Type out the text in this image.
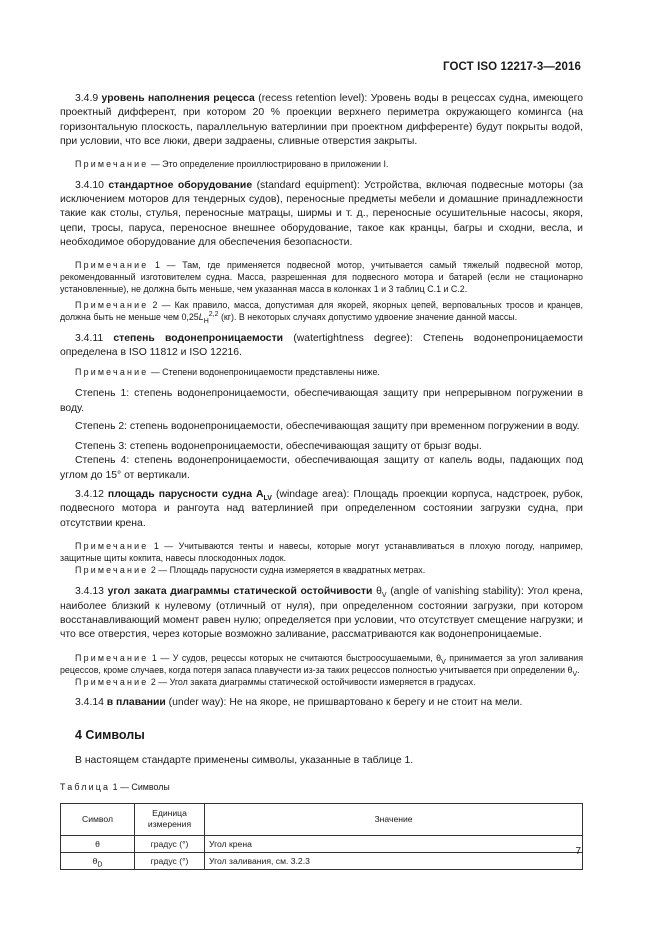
ГОСТ ISO 12217-3—2016

3.4.9 уровень наполнения рецесса (recess retention level): Уровень воды в рецессах судна, имеющего проектный дифферент, при котором 20 % проекции верхнего периметра окружающего комингса (на горизонтальную плоскость, параллельную ватерлинии при проектном дифференте) будут покрыты водой, при условии, что все люки, двери задраены, сливные отверстия закрыты.

Примечание — Это определение проиллюстрировано в приложении I.

3.4.10 стандартное оборудование (standard equipment): Устройства, включая подвесные моторы (за исключением моторов для тендерных судов), переносные предметы мебели и домашние принадлежности такие как столы, стулья, переносные матрацы, ширмы и т. д., переносные осушительные насосы, якоря, цепи, тросы, паруса, переносное внешнее оборудование, такое как кранцы, багры и сходни, весла, и необходимое оборудование для обеспечения безопасности.

Примечание 1 — Там, где применяется подвесной мотор, учитывается самый тяжелый подвесной мотор, рекомендованный изготовителем судна. Масса, разрешенная для подвесного мотора и батарей (если не стационарно установленные), не должна быть меньше, чем указанная масса в колонках 1 и 3 таблиц С.1 и С.2.

Примечание 2 — Как правило, масса, допустимая для якорей, якорных цепей, верповальных тросов и кранцев, должна быть не меньше чем $0,25L_H^{2,2}$ (кг). В некоторых случаях допустимо удвоение значение данной массы.

3.4.11 степень водонепроницаемости (watertightness degree): Степень водонепроницаемости определена в ISO 11812 и ISO 12216.

Примечание — Степени водонепроницаемости представлены ниже.

Степень 1: степень водонепроницаемости, обеспечивающая защиту при непрерывном погружении в воду.

Степень 2: степень водонепроницаемости, обеспечивающая защиту при временном погружении в воду.

Степень 3: степень водонепроницаемости, обеспечивающая защиту от брызг воды.

Степень 4: степень водонепроницаемости, обеспечивающая защиту от капель воды, падающих под углом до 15° от вертикали.

3.4.12 площадь парусности судна $A_{LV}$ (windage area): Площадь проекции корпуса, надстроек, рубок, подвесного мотора и рангоута над ватерлинией при определенном состоянии загрузки судна, при отсутствии крена.

Примечание 1 — Учитываются тенты и навесы, которые могут устанавливаться в плохую погоду, например, защитные щиты кокпита, навесы плоскодонных лодок.

Примечание 2 — Площадь парусности судна измеряется в квадратных метрах.

3.4.13 угол заката диаграммы статической остойчивости $\theta_V$ (angle of vanishing stability): Угол крена, наиболее близкий к нулевому (отличный от нуля), при определенном состоянии загрузки, при котором восстанавливающий момент равен нулю; определяется при условии, что отсутствует смещение нагрузки; и что все отверстия, через которые возможно заливание, рассматриваются как водонепроницаемые.

Примечание 1 — У судов, рецессы которых не считаются быстроосушаемыми, $\theta_V$ принимается за угол заливания рецессов, кроме случаев, когда потеря запаса плавучести из-за таких рецессов полностью учитывается при определении $\theta_V$.

Примечание 2 — Угол заката диаграммы статической остойчивости измеряется в градусах.

3.4.14 в плавании (under way): Не на якоре, не пришвартовано к берегу и не стоит на мели.

4 Символы

В настоящем стандарте применены символы, указанные в таблице 1.

Таблица 1 — Символы
Символ	Единица измерения	Значение
θ	градус (°)	Угол крена
$\theta_D$	градус (°)	Угол заливания, см. 3.2.3
7
